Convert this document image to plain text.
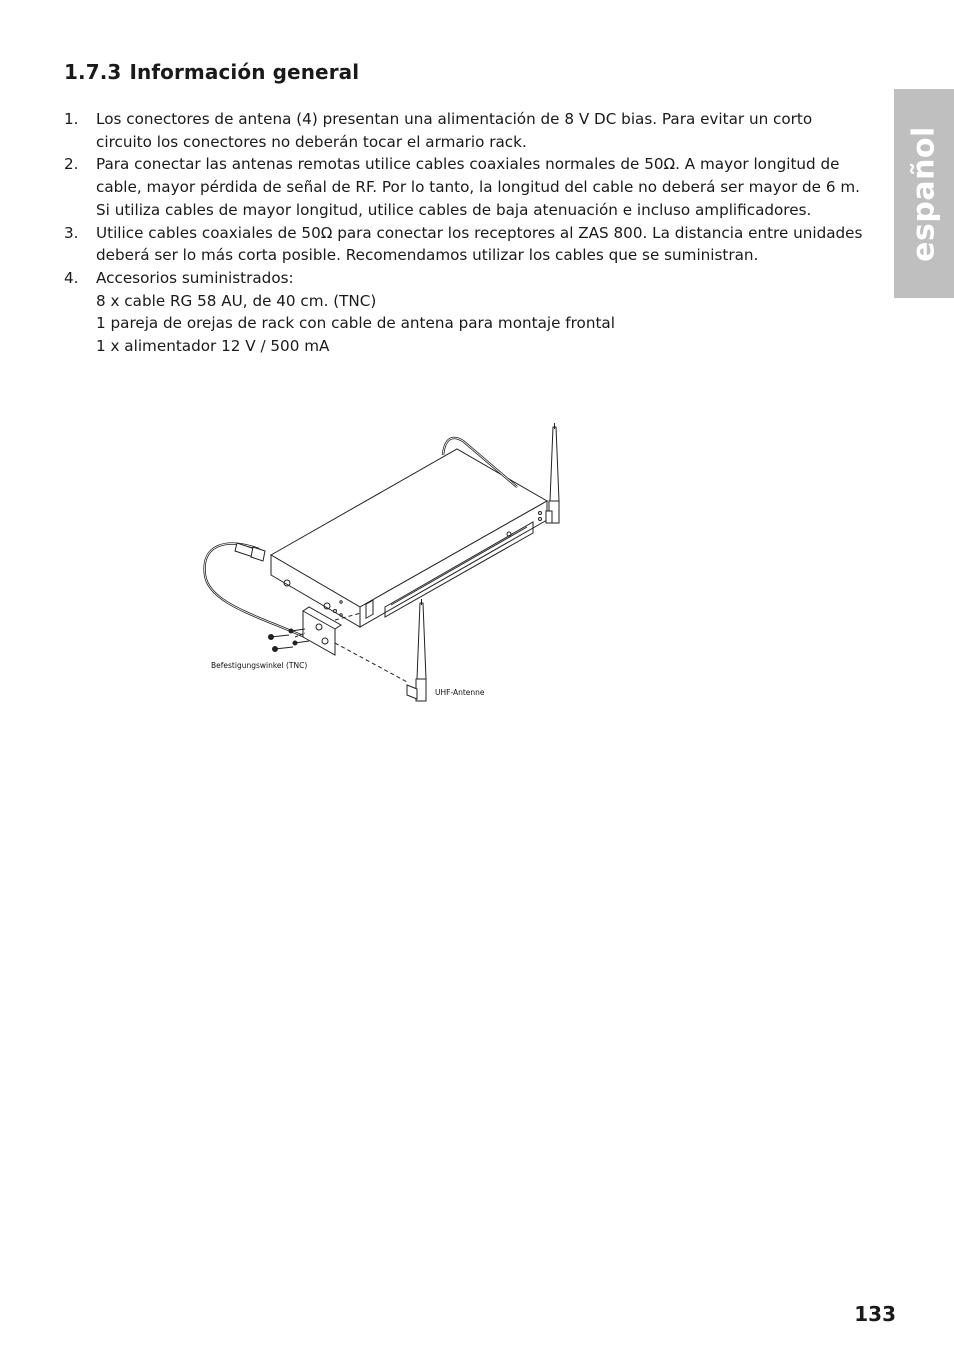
español
1.7.3 Información general
1. Los conectores de antena (4) presentan una alimentación de 8 V DC bias. Para evitar un corto circuito los conectores no deberán tocar el armario rack.
2. Para conectar las antenas remotas utilice cables coaxiales normales de 50Ω. A mayor longitud de cable, mayor pérdida de señal de RF. Por lo tanto, la longitud del cable no deberá ser mayor de 6 m. Si utiliza cables de mayor longitud, utilice cables de baja atenuación e incluso amplificadores.
3. Utilice cables coaxiales de 50Ω para conectar los receptores al ZAS 800. La distancia entre unidades deberá ser lo más corta posible. Recomendamos utilizar los cables que se suministran.
4. Accesorios suministrados:
8 x cable RG 58 AU, de 40 cm. (TNC)
1 pareja de orejas de rack con cable de antena para montaje frontal
1 x alimentador 12 V / 500 mA
Befestigungswinkel (TNC)
UHF-Antenne
133
